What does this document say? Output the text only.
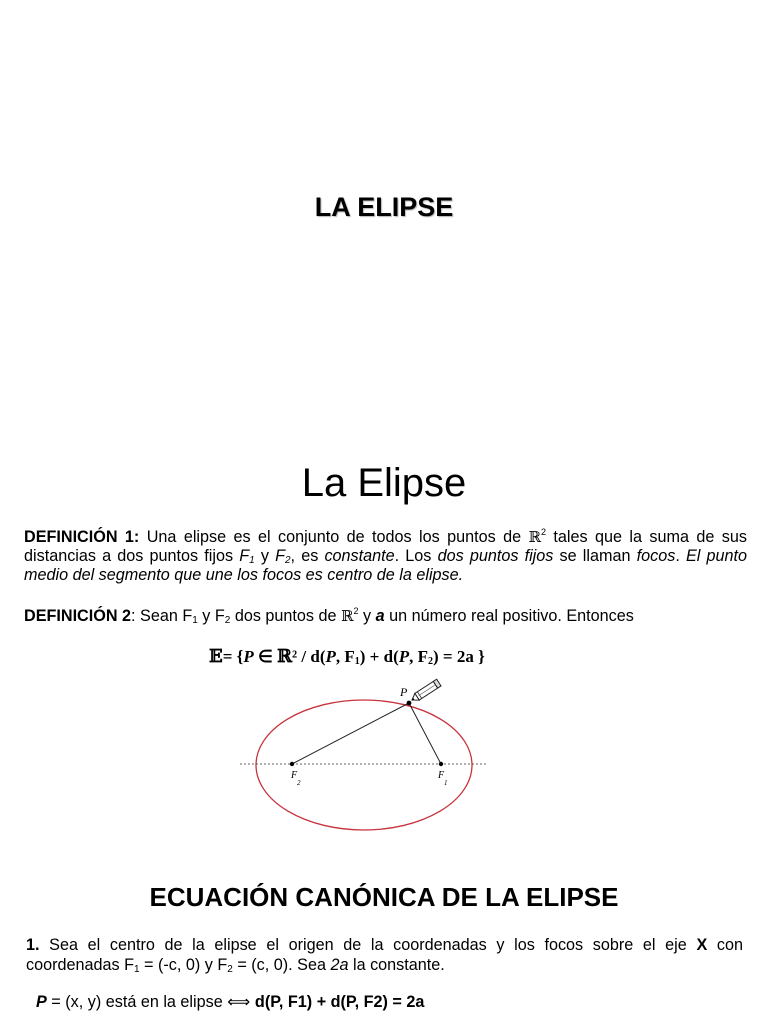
LA ELIPSE
La Elipse
DEFINICIÓN 1: Una elipse es el conjunto de todos los puntos de ℝ$^2$ tales que la suma de sus distancias a dos puntos fijos $F_1$ y $F_2$, es constante. Los dos puntos fijos se llaman focos. El punto medio del segmento que une los focos es centro de la elipse.
DEFINICIÓN 2: Sean $F_1$ y $F_2$ dos puntos de ℝ$^2$ y a un número real positivo. Entonces
𝔼= {P ∈ ℝ² / d(P, $F_1) + d(P$, $F_2) = 2a$ }
P
F
2
F
1
ECUACIÓN CANÓNICA DE LA ELIPSE
1. Sea el centro de la elipse el origen de la coordenadas y los focos sobre el eje X con coordenadas $F_1 = (-c$, 0) y $F_2 = (c$, 0). Sea 2a la constante.
P = (x, y) está en la elipse ⟺ d(P, F1) + d(P, F2) = 2a
